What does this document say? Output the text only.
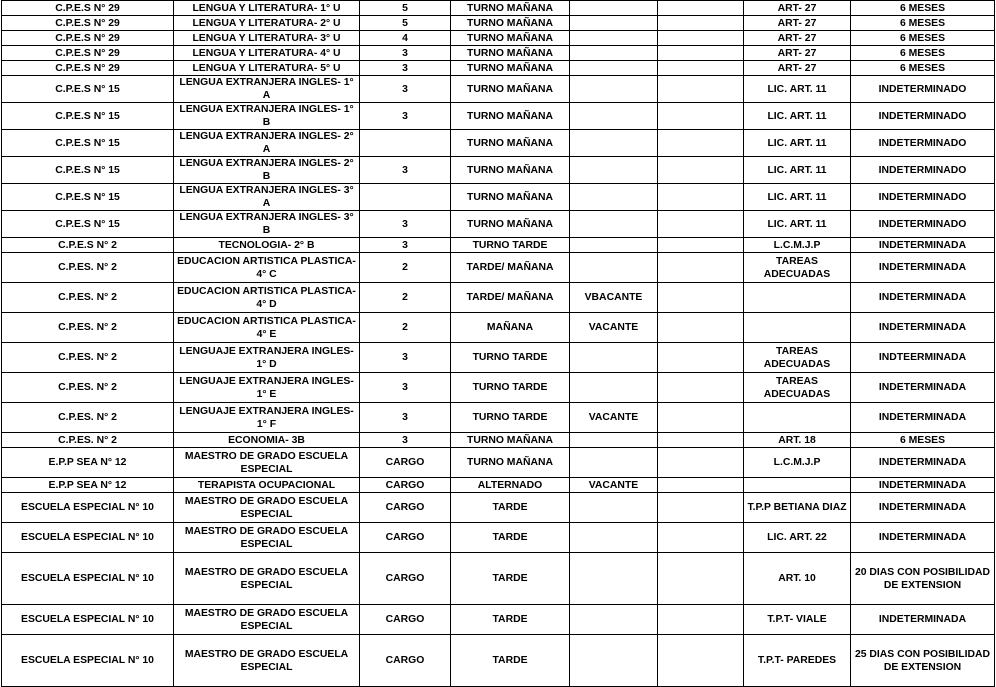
C.P.E.S N° 29	LENGUA Y LITERATURA- 1° U	5	TURNO MAÑANA			ART- 27	6 MESES
C.P.E.S N° 29	LENGUA Y LITERATURA- 2° U	5	TURNO MAÑANA			ART- 27	6 MESES
C.P.E.S N° 29	LENGUA Y LITERATURA- 3° U	4	TURNO MAÑANA			ART- 27	6 MESES
C.P.E.S N° 29	LENGUA Y LITERATURA- 4° U	3	TURNO MAÑANA			ART- 27	6 MESES
C.P.E.S N° 29	LENGUA Y LITERATURA- 5° U	3	TURNO MAÑANA			ART- 27	6 MESES
C.P.E.S N° 15	LENGUA EXTRANJERA INGLES- 1° A	3	TURNO MAÑANA			LIC. ART. 11	INDETERMINADO
C.P.E.S N° 15	LENGUA EXTRANJERA INGLES- 1° B	3	TURNO MAÑANA			LIC. ART. 11	INDETERMINADO
C.P.E.S N° 15	LENGUA EXTRANJERA INGLES- 2° A		TURNO MAÑANA			LIC. ART. 11	INDETERMINADO
C.P.E.S N° 15	LENGUA EXTRANJERA INGLES- 2° B	3	TURNO MAÑANA			LIC. ART. 11	INDETERMINADO
C.P.E.S N° 15	LENGUA EXTRANJERA INGLES- 3° A		TURNO MAÑANA			LIC. ART. 11	INDETERMINADO
C.P.E.S N° 15	LENGUA EXTRANJERA INGLES- 3° B	3	TURNO MAÑANA			LIC. ART. 11	INDETERMINADO
C.P.E.S N° 2	TECNOLOGIA- 2° B	3	TURNO TARDE			L.C.M.J.P	INDETERMINADA
C.P.ES. N° 2	EDUCACION ARTISTICA PLASTICA- 4° C	2	TARDE/ MAÑANA			TAREAS ADECUADAS	INDETERMINADA
C.P.ES. N° 2	EDUCACION ARTISTICA PLASTICA- 4° D	2	TARDE/ MAÑANA	VBACANTE			INDETERMINADA
C.P.ES. N° 2	EDUCACION ARTISTICA PLASTICA- 4° E	2	MAÑANA	VACANTE			INDETERMINADA
C.P.ES. N° 2	LENGUAJE EXTRANJERA INGLES- 1° D	3	TURNO TARDE			TAREAS ADECUADAS	INDTEERMINADA
C.P.ES. N° 2	LENGUAJE EXTRANJERA INGLES- 1° E	3	TURNO TARDE			TAREAS ADECUADAS	INDETERMINADA
C.P.ES. N° 2	LENGUAJE EXTRANJERA INGLES- 1° F	3	TURNO TARDE	VACANTE			INDETERMINADA
C.P.ES. N° 2	ECONOMIA- 3B	3	TURNO MAÑANA			ART. 18	6 MESES
E.P.P SEA N° 12	MAESTRO DE GRADO ESCUELA ESPECIAL	CARGO	TURNO MAÑANA			L.C.M.J.P	INDETERMINADA
E.P.P SEA N° 12	TERAPISTA OCUPACIONAL	CARGO	ALTERNADO	VACANTE			INDETERMINADA
ESCUELA ESPECIAL N° 10	MAESTRO DE GRADO ESCUELA ESPECIAL	CARGO	TARDE			T.P.P BETIANA DIAZ	INDETERMINADA
ESCUELA ESPECIAL N° 10	MAESTRO DE GRADO ESCUELA ESPECIAL	CARGO	TARDE			LIC. ART. 22	INDETERMINADA
ESCUELA ESPECIAL N° 10	MAESTRO DE GRADO ESCUELA ESPECIAL	CARGO	TARDE			ART. 10	20 DIAS CON POSIBILIDAD DE EXTENSION
ESCUELA ESPECIAL N° 10	MAESTRO DE GRADO ESCUELA ESPECIAL	CARGO	TARDE			T.P.T- VIALE	INDETERMINADA
ESCUELA ESPECIAL N° 10	MAESTRO DE GRADO ESCUELA ESPECIAL	CARGO	TARDE			T.P.T- PAREDES	25 DIAS CON POSIBILIDAD DE EXTENSION
